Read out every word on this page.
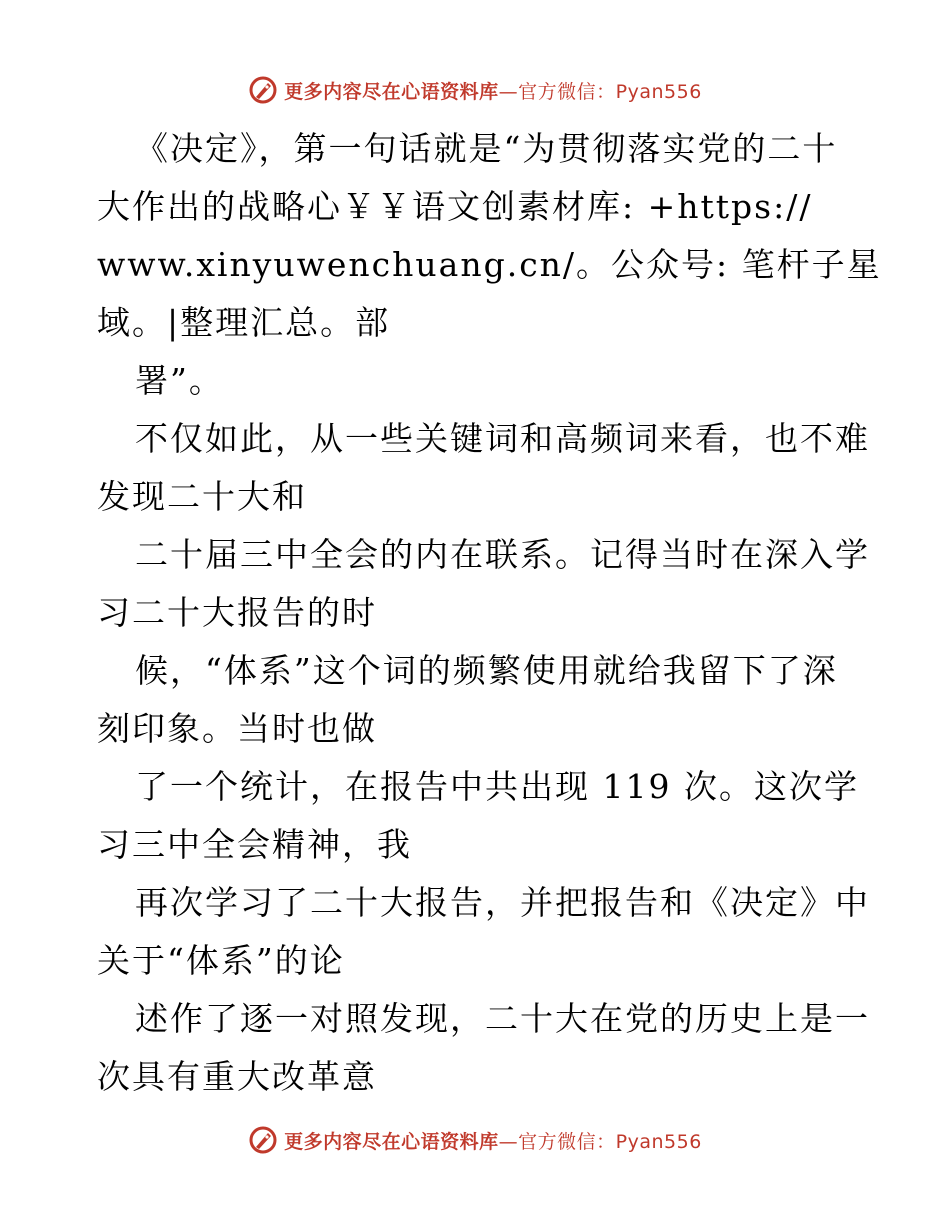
更多内容尽在心语资料库—官方微信：Pyan556
《决定》，第一句话就是“为贯彻落实党的二十
大作出的战略心￥￥语文创素材库: +https://
www.xinyuwenchuang.cn/。公众号: 笔杆子星
域。|整理汇总。部
署”。
不仅如此，从一些关键词和高频词来看，也不难
发现二十大和
二十届三中全会的内在联系。记得当时在深入学
习二十大报告的时
候，“体系”这个词的频繁使用就给我留下了深
刻印象。当时也做
了一个统计，在报告中共出现 119 次。这次学
习三中全会精神，我
再次学习了二十大报告，并把报告和《决定》中
关于“体系”的论
述作了逐一对照发现，二十大在党的历史上是一
次具有重大改革意
更多内容尽在心语资料库—官方微信：Pyan556
